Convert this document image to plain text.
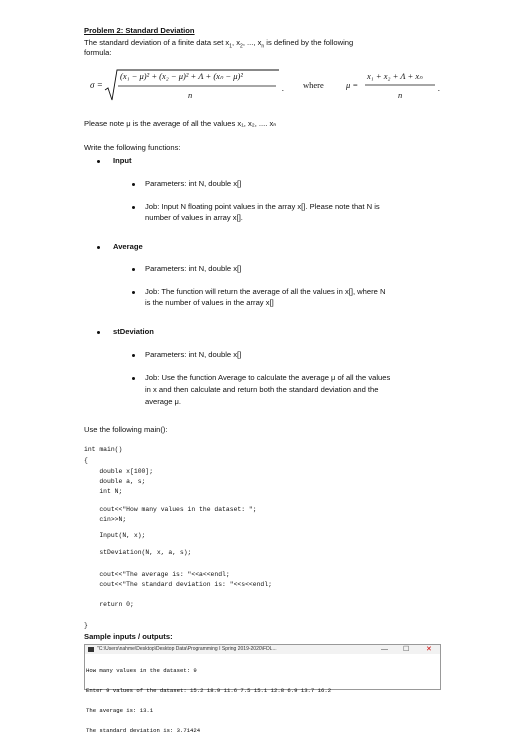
Problem 2: Standard Deviation
The standard deviation of a finite data set $x_1$, $x_2$, ..., $x_n$ is defined by the following
formula:
σ =
(x₁ − μ)² + (x₂ − μ)² + Λ + (xₙ − μ)²
n
. where	μ =
x₁ + x₂ + Λ + xₙ
n
.
Please note μ is the average of all the values x₁, x₂, .... xₙ
Write the following functions:
Input
Parameters: int N, double x[]
Job: Input N floating point values in the array x[]. Please note that N is
number of values in array x[].
Average
Parameters: int N, double x[]
Job: The function will return the average of all the values in x[], where N
is the number of values in the array x[]
stDeviation
Parameters: int N, double x[]
Job: Use the function Average to calculate the average μ of all the values
in x and then calculate and return both the standard deviation and the
average μ.
Use the following main():
int main()
{
double x[100];
double a, s;
int N;
cout<<"How many values in the dataset: ";
cin>>N;
Input(N, x);
stDeviation(N, x, a, s);
cout<<"The average is: "<<a<<endl;
cout<<"The standard deviation is: "<<s<<endl;
return 0;
}
Sample inputs / outputs:
"C:\Users\nahme\Desktop\Desktop Data\Programming I Spring 2019-2020\FDL...	— ☐ ✕

How many values in the dataset: 9

Enter 9 values of the dataset: 15.2 18.9 11.6 7.5 15.1 12.8 6.9 13.7 16.2

The average is: 13.1

The standard deviation is: 3.71424
